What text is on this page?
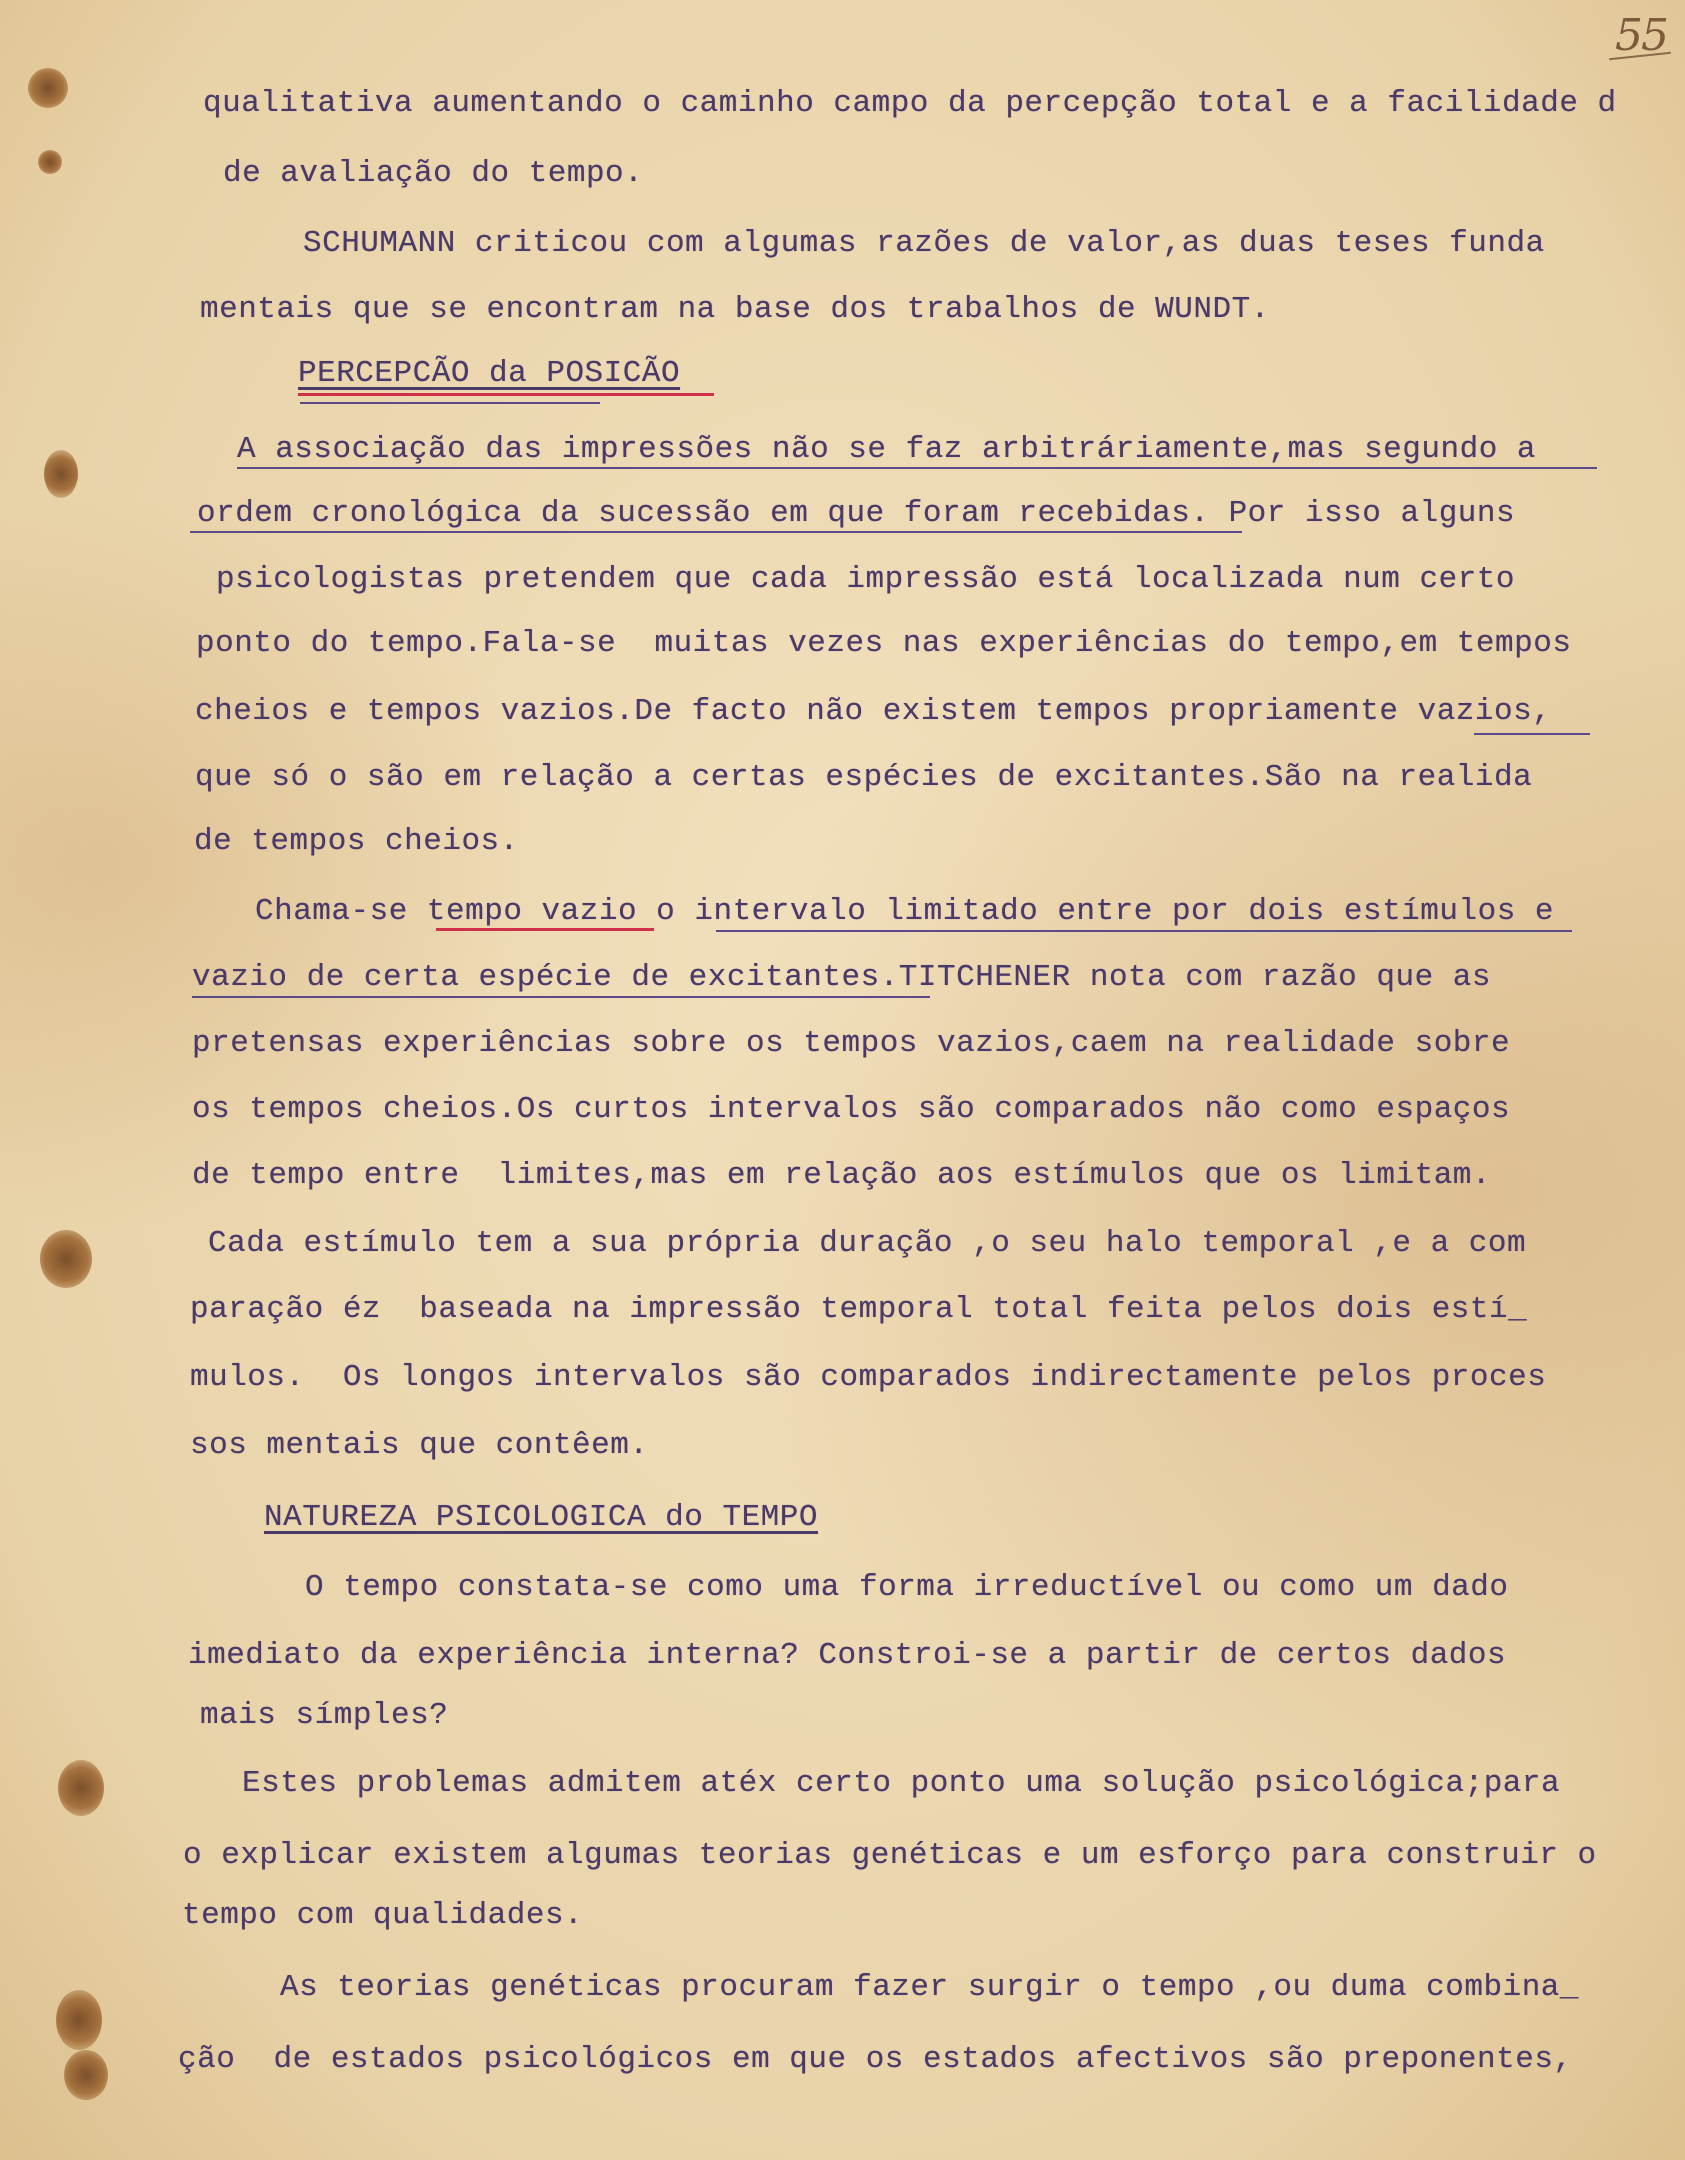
55
qualitativa aumentando o caminho campo da percepção total e a facilidade d
de avaliação do tempo.
SCHUMANN criticou com algumas razões de valor,as duas teses funda
mentais que se encontram na base dos trabalhos de WUNDT.
PERCEPCÃO da POSICÃO
A associação das impressões não se faz arbitráriamente,mas segundo a
ordem cronológica da sucessão em que foram recebidas. Por isso alguns
psicologistas pretendem que cada impressão está localizada num certo
ponto do tempo.Fala-se  muitas vezes nas experiências do tempo,em tempos
cheios e tempos vazios.De facto não existem tempos propriamente vazios,
que só o são em relação a certas espécies de excitantes.São na realida
de tempos cheios.
Chama-se tempo vazio o intervalo limitado entre por dois estímulos e
vazio de certa espécie de excitantes.TITCHENER nota com razão que as
pretensas experiências sobre os tempos vazios,caem na realidade sobre
os tempos cheios.Os curtos intervalos são comparados não como espaços
de tempo entre  limites,mas em relação aos estímulos que os limitam.
Cada estímulo tem a sua própria duração ,o seu halo temporal ,e a com
paração éz  baseada na impressão temporal total feita pelos dois estí_
mulos.  Os longos intervalos são comparados indirectamente pelos proces
sos mentais que contêem.
NATUREZA PSICOLOGICA do TEMPO
O tempo constata-se como uma forma irreductível ou como um dado
imediato da experiência interna? Constroi-se a partir de certos dados
mais símples?
Estes problemas admitem atéx certo ponto uma solução psicológica;para
o explicar existem algumas teorias genéticas e um esforço para construir o
tempo com qualidades.
As teorias genéticas procuram fazer surgir o tempo ,ou duma combina_
ção  de estados psicológicos em que os estados afectivos são preponentes,
